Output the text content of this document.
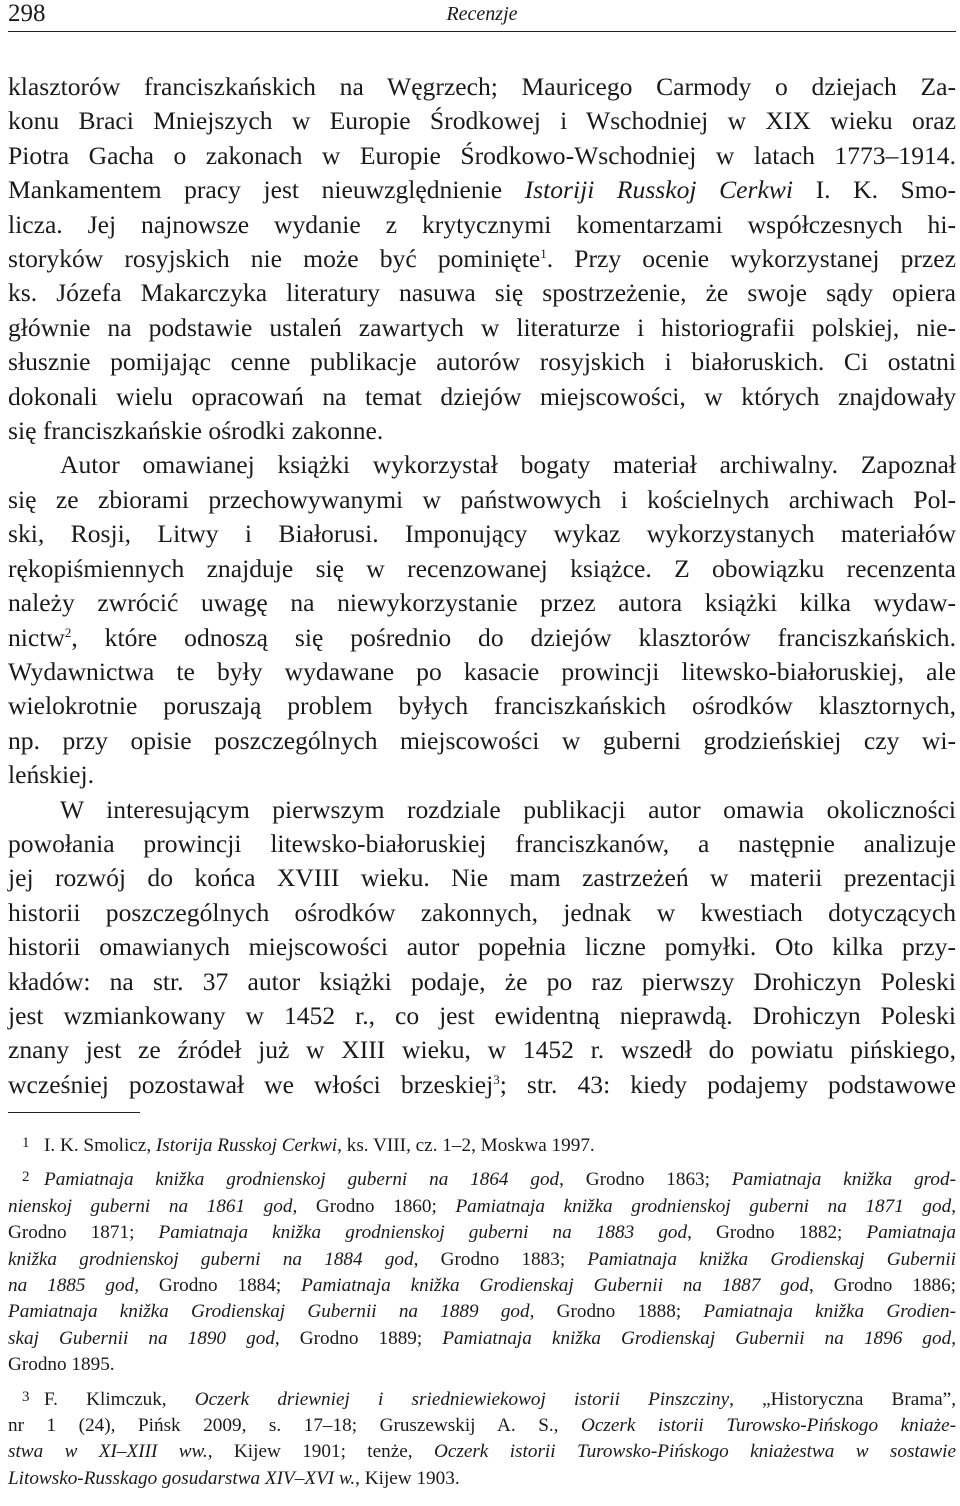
298	Recenzje

klasztorów franciszkańskich na Węgrzech; Mauricego Carmody o dziejach Za-
konu Braci Mniejszych w Europie Środkowej i Wschodniej w XIX wieku oraz
Piotra Gacha o zakonach w Europie Środkowo-Wschodniej w latach 1773–1914.
Mankamentem pracy jest nieuwzględnienie Istoriji Russkoj Cerkwi I. K. Smo-
licza. Jej najnowsze wydanie z krytycznymi komentarzami współczesnych hi-
storyków rosyjskich nie może być pominięte$^1$. Przy ocenie wykorzystanej przez
ks. Józefa Makarczyka literatury nasuwa się spostrzeżenie, że swoje sądy opiera
głównie na podstawie ustaleń zawartych w literaturze i historiografii polskiej, nie-
słusznie pomijając cenne publikacje autorów rosyjskich i białoruskich. Ci ostatni
dokonali wielu opracowań na temat dziejów miejscowości, w których znajdowały
się franciszkańskie ośrodki zakonne.

Autor omawianej książki wykorzystał bogaty materiał archiwalny. Zapoznał
się ze zbiorami przechowywanymi w państwowych i kościelnych archiwach Pol-
ski, Rosji, Litwy i Białorusi. Imponujący wykaz wykorzystanych materiałów
rękopiśmiennych znajduje się w recenzowanej książce. Z obowiązku recenzenta
należy zwrócić uwagę na niewykorzystanie przez autora książki kilka wydaw-
nictw$^2$, które odnoszą się pośrednio do dziejów klasztorów franciszkańskich.
Wydawnictwa te były wydawane po kasacie prowincji litewsko-białoruskiej, ale
wielokrotnie poruszają problem byłych franciszkańskich ośrodków klasztornych,
np. przy opisie poszczególnych miejscowości w guberni grodzieńskiej czy wi-
leńskiej.

W interesującym pierwszym rozdziale publikacji autor omawia okoliczności
powołania prowincji litewsko-białoruskiej franciszkanów, a następnie analizuje
jej rozwój do końca XVIII wieku. Nie mam zastrzeżeń w materii prezentacji
historii poszczególnych ośrodków zakonnych, jednak w kwestiach dotyczących
historii omawianych miejscowości autor popełnia liczne pomyłki. Oto kilka przy-
kładów: na str. 37 autor książki podaje, że po raz pierwszy Drohiczyn Poleski
jest wzmiankowany w 1452 r., co jest ewidentną nieprawdą. Drohiczyn Poleski
znany jest ze źródeł już w XIII wieku, w 1452 r. wszedł do powiatu pińskiego,
wcześniej pozostawał we włości brzeskiej$^3$; str. 43: kiedy podajemy podstawowe

1 I. K. Smolicz, Istorija Russkoj Cerkwi, ks. VIII, cz. 1–2, Moskwa 1997.
2 Pamiatnaja knižka grodnienskoj guberni na 1864 god, Grodno 1863; Pamiatnaja knižka grod-
nienskoj guberni na 1861 god, Grodno 1860; Pamiatnaja knižka grodnienskoj guberni na 1871 god,
Grodno 1871; Pamiatnaja knižka grodnienskoj guberni na 1883 god, Grodno 1882; Pamiatnaja
knižka grodnienskoj guberni na 1884 god, Grodno 1883; Pamiatnaja knižka Grodienskaj Gubernii
na 1885 god, Grodno 1884; Pamiatnaja knižka Grodienskaj Gubernii na 1887 god, Grodno 1886;
Pamiatnaja knižka Grodienskaj Gubernii na 1889 god, Grodno 1888; Pamiatnaja knižka Grodien-
skaj Gubernii na 1890 god, Grodno 1889; Pamiatnaja knižka Grodienskaj Gubernii na 1896 god,
Grodno 1895.
3 F. Klimczuk, Oczerk driewniej i sriedniewiekowoj istorii Pinszcziny, „Historyczna Brama”,
nr 1 (24), Pińsk 2009, s. 17–18; Gruszewskij A. S., Oczerk istorii Turowsko-Pińskogo kniaże-
stwa w XI–XIII ww., Kijew 1901; tenże, Oczerk istorii Turowsko-Pińskogo kniażestwa w sostawie
Litowsko-Russkago gosudarstwa XIV–XVI w., Kijew 1903.
